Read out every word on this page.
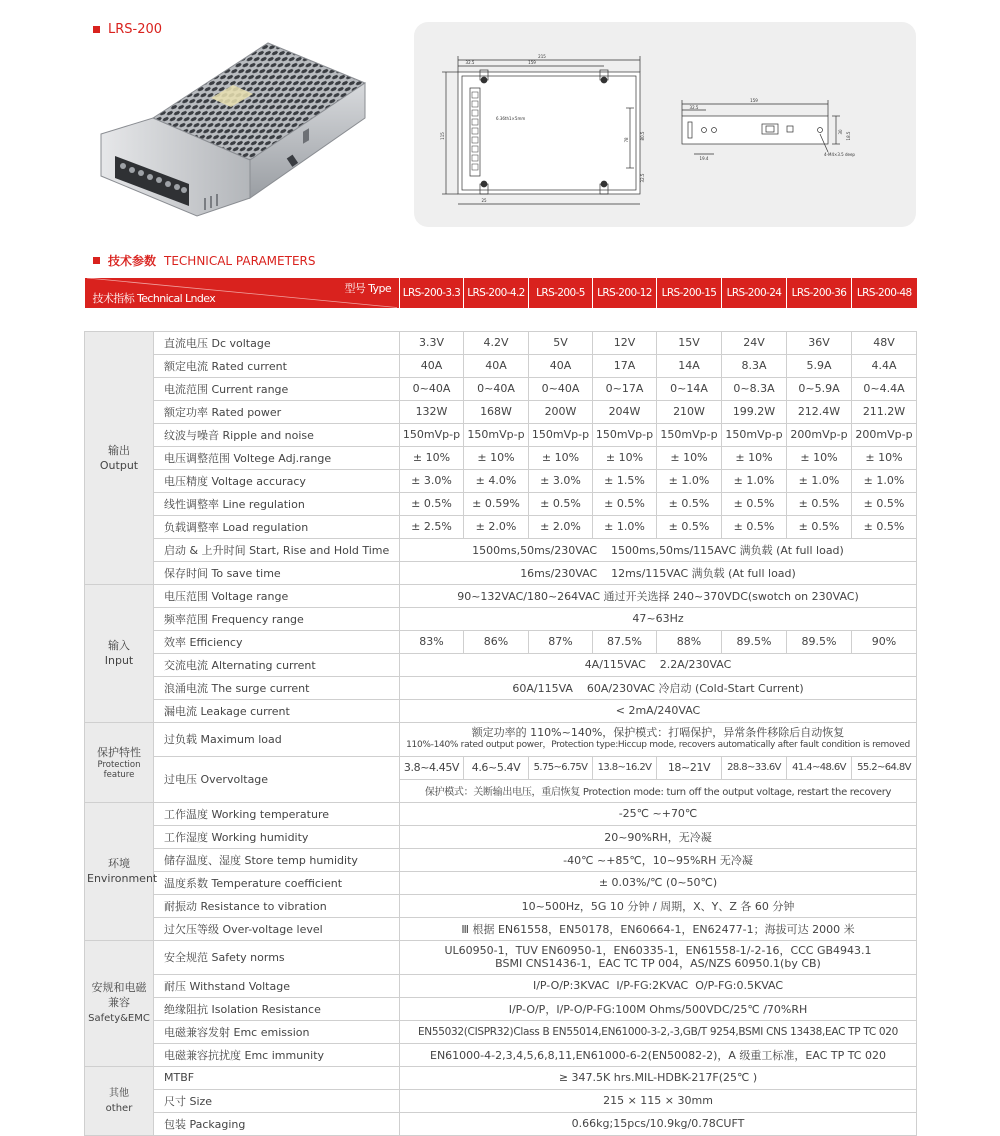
LRS-200
215
159
32.5
115
78	80.5
32.5
25
6.36th1×5mm
159
32.5
30 18.5
19.4
4-M4×3.5 deep
技术参数 TECHNICAL PARAMETERS
型号 Type
技术指标 Technical Lndex		LRS-200-3.3	LRS-200-4.2	LRS-200-5	LRS-200-12	LRS-200-15	LRS-200-24	LRS-200-36	LRS-200-48

输出
Output	直流电压 Dc voltage	3.3V	4.2V	5V	12V	15V	24V	36V	48V
	额定电流 Rated current	40A	40A	40A	17A	14A	8.3A	5.9A	4.4A
	电流范围 Current range	0~40A	0~40A	0~40A	0~17A	0~14A	0~8.3A	0~5.9A	0~4.4A
	额定功率 Rated power	132W	168W	200W	204W	210W	199.2W	212.4W	211.2W
	纹波与噪音 Ripple and noise	150mVp-p	150mVp-p	150mVp-p	150mVp-p	150mVp-p	150mVp-p	200mVp-p	200mVp-p
	电压调整范围 Voltege Adj.range	± 10%	± 10%	± 10%	± 10%	± 10%	± 10%	± 10%	± 10%
	电压精度 Voltage accuracy	± 3.0%	± 4.0%	± 3.0%	± 1.5%	± 1.0%	± 1.0%	± 1.0%	± 1.0%
	线性调整率 Line regulation	± 0.5%	± 0.59%	± 0.5%	± 0.5%	± 0.5%	± 0.5%	± 0.5%	± 0.5%
	负载调整率 Load regulation	± 2.5%	± 2.0%	± 2.0%	± 1.0%	± 0.5%	± 0.5%	± 0.5%	± 0.5%
	启动 & 上升时间 Start, Rise and Hold Time	1500ms,50ms/230VAC    1500ms,50ms/115AVC 满负载 (At full load)							
	保存时间 To save time	16ms/230VAC    12ms/115VAC 满负载 (At full load)							
输入
Input	电压范围 Voltage range	90~132VAC/180~264VAC 通过开关选择 240~370VDC(swotch on 230VAC)							
	频率范围 Frequency range	47~63Hz							
	效率 Efficiency	83%	86%	87%	87.5%	88%	89.5%	89.5%	90%
	交流电流 Alternating current	4A/115VAC    2.2A/230VAC							
	浪涌电流 The surge current	60A/115VA    60A/230VAC 冷启动 (Cold-Start Current)							
	漏电流 Leakage current	< 2mA/240VAC							
保护特性
Protection
feature	过负载 Maximum load	额定功率的 110%~140%，保护模式：打嗝保护，异常条件移除后自动恢复
110%-140% rated output power，Protection type:Hiccup mode, recovers automatically after fault condition is removed							

	过电压 Overvoltage	3.8~4.45V	4.6~5.4V	5.75~6.75V	13.8~16.2V	18~21V	28.8~33.6V	41.4~48.6V	55.2~64.8V
		保护模式：关断输出电压，重启恢复 Protection mode: turn off the output voltage, restart the recovery							
环境
Environment	工作温度 Working temperature	-25℃ ~+70℃							
	工作湿度 Working humidity	20~90%RH，无冷凝							
	储存温度、湿度 Store temp humidity	-40℃ ~+85℃，10~95%RH 无冷凝							
	温度系数 Temperature coefficient	± 0.03%/℃ (0~50℃)							
	耐振动 Resistance to vibration	10~500Hz，5G 10 分钟 / 周期，X、Y、Z 各 60 分钟							
	过欠压等级 Over-voltage level	Ⅲ 根据 EN61558，EN50178，EN60664-1，EN62477-1；海拔可达 2000 米							
安规和电磁
兼容
Safety&EMC	安全规范 Safety norms	UL60950-1，TUV EN60950-1，EN60335-1，EN61558-1/-2-16，CCC GB4943.1
BSMI CNS1436-1，EAC TC TP 004，AS/NZS 60950.1(by CB)							
	耐压 Withstand Voltage	I/P-O/P:3KVAC  I/P-FG:2KVAC  O/P-FG:0.5KVAC							
	绝缘阻抗 Isolation Resistance	I/P-O/P，I/P-O/P-FG:100M Ohms/500VDC/25℃ /70%RH							
	电磁兼容发射 Emc emission	EN55032(CISPR32)Class B EN55014,EN61000-3-2,-3,GB/T 9254,BSMI CNS 13438,EAC TP TC 020							
	电磁兼容抗扰度 Emc immunity	EN61000-4-2,3,4,5,6,8,11,EN61000-6-2(EN50082-2)，A 级重工标准，EAC TP TC 020							
其他
other	MTBF	≥ 347.5K hrs.MIL-HDBK-217F(25℃ )							
	尺寸 Size	215 × 115 × 30mm							
	包装 Packaging	0.66kg;15pcs/10.9kg/0.78CUFT							
